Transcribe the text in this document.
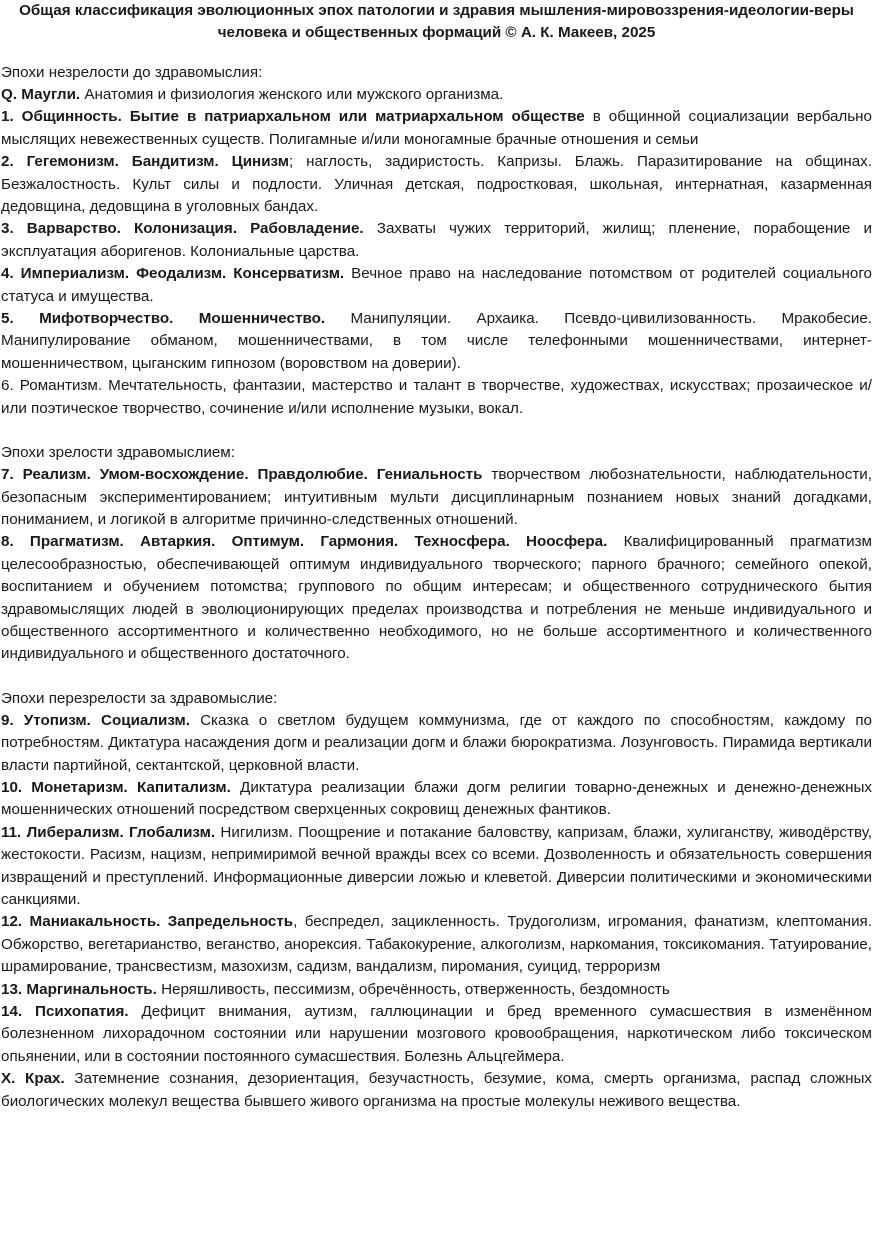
Общая классификация эволюционных эпох патологии и здравия мышления-мировоззрения-идеологии-веры человека и общественных формаций © А. К. Макеев, 2025

Эпохи незрелости до здравомыслия:

Q. Маугли. Анатомия и физиология женского или мужского организма.

1. Общинность. Бытие в патриархальном или матриархальном обществе в общинной социализации вербально мыслящих невежественных существ. Полигамные и/или моногамные брачные отношения и семьи

2. Гегемонизм. Бандитизм. Цинизм; наглость, задиристость. Капризы. Блажь. Паразитирование на общинах. Безжалостность. Культ силы и подлости. Уличная детская, подростковая, школьная, интернатная, казарменная дедовщина, дедовщина в уголовных бандах.

3. Варварство. Колонизация. Рабовладение. Захваты чужих территорий, жилищ; пленение, порабощение и эксплуатация аборигенов. Колониальные царства.

4. Империализм. Феодализм. Консерватизм. Вечное право на наследование потомством от родителей социального статуса и имущества.

5. Мифотворчество. Мошенничество. Манипуляции. Архаика. Псевдо-цивилизованность. Мракобесие. Манипулирование обманом, мошенничествами, в том числе телефонными мошенничествами, интернет-мошенничеством, цыганским гипнозом (воровством на доверии).

6. Романтизм. Мечтательность, фантазии, мастерство и талант в творчестве, художествах, искусствах; прозаическое и/или поэтическое творчество, сочинение и/или исполнение музыки, вокал.

Эпохи зрелости здравомыслием:

7. Реализм. Умом-восхождение. Правдолюбие. Гениальность творчеством любознательности, наблюдательности, безопасным экспериментированием; интуитивным мульти дисциплинарным познанием новых знаний догадками, пониманием, и логикой в алгоритме причинно-следственных отношений.

8. Прагматизм. Автаркия. Оптимум. Гармония. Техносфера. Ноосфера. Квалифицированный прагматизм целесообразностью, обеспечивающей оптимум индивидуального творческого; парного брачного; семейного опекой, воспитанием и обучением потомства; группового по общим интересам; и общественного сотруднического бытия здравомыслящих людей в эволюционирующих пределах производства и потребления не меньше индивидуального и общественного ассортиментного и количественно необходимого, но не больше ассортиментного и количественного индивидуального и общественного достаточного.

Эпохи перезрелости за здравомыслие:

9. Утопизм. Социализм. Сказка о светлом будущем коммунизма, где от каждого по способностям, каждому по потребностям. Диктатура насаждения догм и реализации догм и блажи бюрократизма. Лозунговость. Пирамида вертикали власти партийной, сектантской, церковной власти.

10. Монетаризм. Капитализм. Диктатура реализации блажи догм религии товарно-денежных и денежно-денежных мошеннических отношений посредством сверхценных сокровищ денежных фантиков.

11. Либерализм. Глобализм. Нигилизм. Поощрение и потакание баловству, капризам, блажи, хулиганству, живодёрству, жестокости. Расизм, нацизм, непримиримой вечной вражды всех со всеми. Дозволенность и обязательность совершения извращений и преступлений. Информационные диверсии ложью и клеветой. Диверсии политическими и экономическими санкциями.

12. Маниакальность. Запредельность, беспредел, зацикленность. Трудоголизм, игромания, фанатизм, клептомания. Обжорство, вегетарианство, веганство, анорексия. Табакокурение, алкоголизм, наркомания, токсикомания. Татуирование, шрамирование, трансвестизм, мазохизм, садизм, вандализм, пиромания, суицид, терроризм

13. Маргинальность. Неряшливость, пессимизм, обречённость, отверженность, бездомность

14. Психопатия. Дефицит внимания, аутизм, галлюцинации и бред временного сумасшествия в изменённом болезненном лихорадочном состоянии или нарушении мозгового кровообращения, наркотическом либо токсическом опьянении, или в состоянии постоянного сумасшествия. Болезнь Альцгеймера.

X. Крах. Затемнение сознания, дезориентация, безучастность, безумие, кома, смерть организма, распад сложных биологических молекул вещества бывшего живого организма на простые молекулы неживого вещества.
